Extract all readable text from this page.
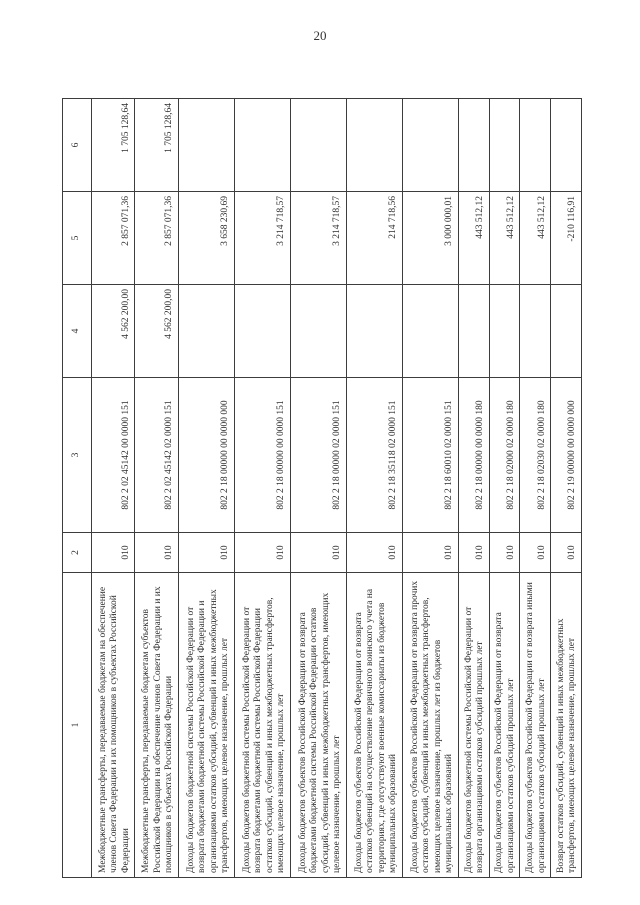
20
1	2	3	4	5	6
Межбюджетные трансферты, передаваемые бюджетам на обеспечение членов Совета Федерации и их помощников в субъектах Российской Федерации	010	802 2 02 45142 00 0000 151	4 562 200,00	2 857 071,36	1 705 128,64
Межбюджетные трансферты, передаваемые бюджетам субъектов Российской Федерации на обеспечение членов Совета Федерации и их помощников в субъектах Российской Федерации	010	802 2 02 45142 02 0000 151	4 562 200,00	2 857 071,36	1 705 128,64
Доходы бюджетов бюджетной системы Российской Федерации от возврата бюджетами бюджетной системы Российской Федерации и организациями остатков субсидий, субвенций и иных межбюджетных трансфертов, имеющих целевое назначение, прошлых лет	010	802 2 18 00000 00 0000 000		3 658 230,69	
Доходы бюджетов бюджетной системы Российской Федерации от возврата бюджетами бюджетной системы Российской Федерации остатков субсидий, субвенций и иных межбюджетных трансфертов, имеющих целевое назначение, прошлых лет	010	802 2 18 00000 00 0000 151		3 214 718,57	
Доходы бюджетов субъектов Российской Федерации от возврата бюджетами бюджетной системы Российской Федерации остатков субсидий, субвенций и иных межбюджетных трансфертов, имеющих целевое назначение, прошлых лет	010	802 2 18 00000 02 0000 151		3 214 718,57	
Доходы бюджетов субъектов Российской Федерации от возврата остатков субвенций на осуществление первичного воинского учета на территориях, где отсутствуют военные комиссариаты из бюджетов муниципальных образований	010	802 2 18 35118 02 0000 151		214 718,56	
Доходы бюджетов субъектов Российской Федерации от возврата прочих остатков субсидий, субвенций и иных межбюджетных трансфертов, имеющих целевое назначение, прошлых лет из бюджетов муниципальных образований	010	802 2 18 60010 02 0000 151		3 000 000,01	
Доходы бюджетов бюджетной системы Российской Федерации от возврата организациями остатков субсидий прошлых лет	010	802 2 18 00000 00 0000 180		443 512,12	
Доходы бюджетов субъектов Российской Федерации от возврата организациями остатков субсидий прошлых лет	010	802 2 18 02000 02 0000 180		443 512,12	
Доходы бюджетов субъектов Российской Федерации от возврата иными организациями остатков субсидий прошлых лет	010	802 2 18 02030 02 0000 180		443 512,12	
Возврат остатков субсидий, субвенций и иных межбюджетных трансфертов, имеющих целевое назначение, прошлых лет	010	802 2 19 00000 00 0000 000		-210 116,91	
